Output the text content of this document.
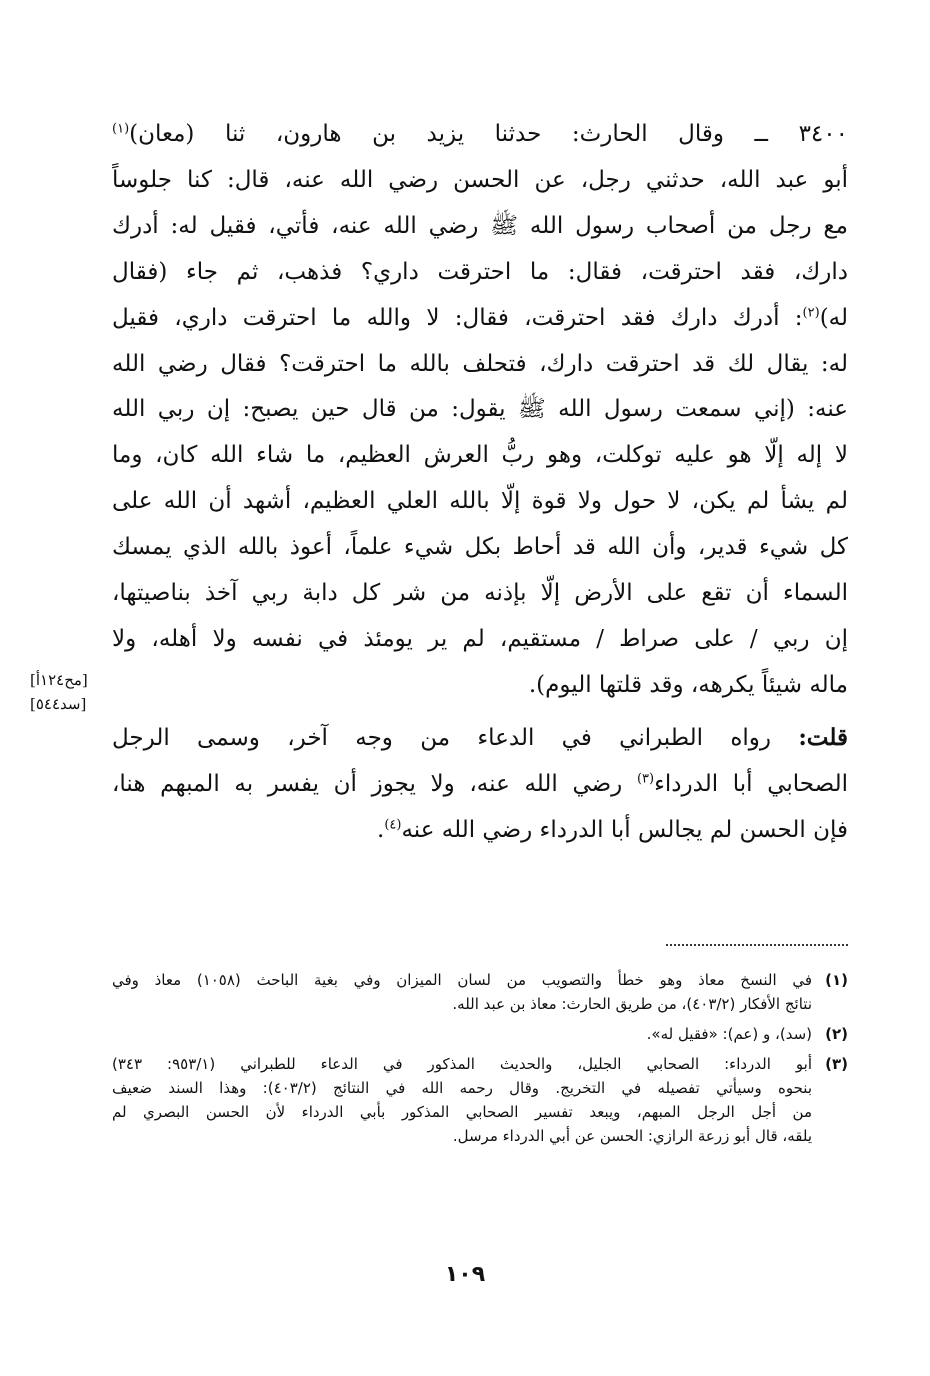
٣٤٠٠ ــ وقال الحارث: حدثنا يزيد بن هارون، ثنا (معان)$^{(١)}$
أبو عبد الله، حدثني رجل، عن الحسن رضي الله عنه، قال: كنا جلوساً
مع رجل من أصحاب رسول الله ﷺ رضي الله عنه، فأتي، فقيل له: أدرك
دارك، فقد احترقت، فقال: ما احترقت داري؟ فذهب، ثم جاء (فقال
له)$^{(٢)}$: أدرك دارك فقد احترقت، فقال: لا والله ما احترقت داري، فقيل
له: يقال لك قد احترقت دارك، فتحلف بالله ما احترقت؟ فقال رضي الله
عنه: (إني سمعت رسول الله ﷺ يقول: من قال حين يصبح: إن ربي الله
لا إله إلّا هو عليه توكلت، وهو ربُّ العرش العظيم، ما شاء الله كان، وما
لم يشأ لم يكن، لا حول ولا قوة إلّا بالله العلي العظيم، أشهد أن الله على
كل شيء قدير، وأن الله قد أحاط بكل شيء علماً، أعوذ بالله الذي يمسك
السماء أن تقع على الأرض إلّا بإذنه من شر كل دابة ربي آخذ بناصيتها،
إن ربي / على صراط / مستقيم، لم ير يومئذ في نفسه ولا أهله، ولا
ماله شيئاً يكرهه، وقد قلتها اليوم).

قلت: رواه الطبراني في الدعاء من وجه آخر، وسمى الرجل
الصحابي أبا الدرداء$^{(٣)}$ رضي الله عنه، ولا يجوز أن يفسر به المبهم هنا،
فإن الحسن لم يجالس أبا الدرداء رضي الله عنه$^{(٤)}$.

[مح١٢٤أ]
[سد٥٤٤]
(١)
في النسخ معاذ وهو خطأ والتصويب من لسان الميزان وفي بغية الباحث (١٠٥٨) معاذ وفي
نتائج الأفكار (٤٠٣/٢)، من طريق الحارث: معاذ بن عبد الله.
(٢)
(سد)، و (عم): «فقيل له».
(٣)
أبو الدرداء: الصحابي الجليل، والحديث المذكور في الدعاء للطبراني (٩٥٣/١: ٣٤٣)
بنحوه وسيأتي تفصيله في التخريج. وقال رحمه الله في النتائج (٤٠٣/٢): وهذا السند ضعيف
من أجل الرجل المبهم، ويبعد تفسير الصحابي المذكور بأبي الدرداء لأن الحسن البصري لم
يلقه، قال أبو زرعة الرازي: الحسن عن أبي الدرداء مرسل.
١٠٩
